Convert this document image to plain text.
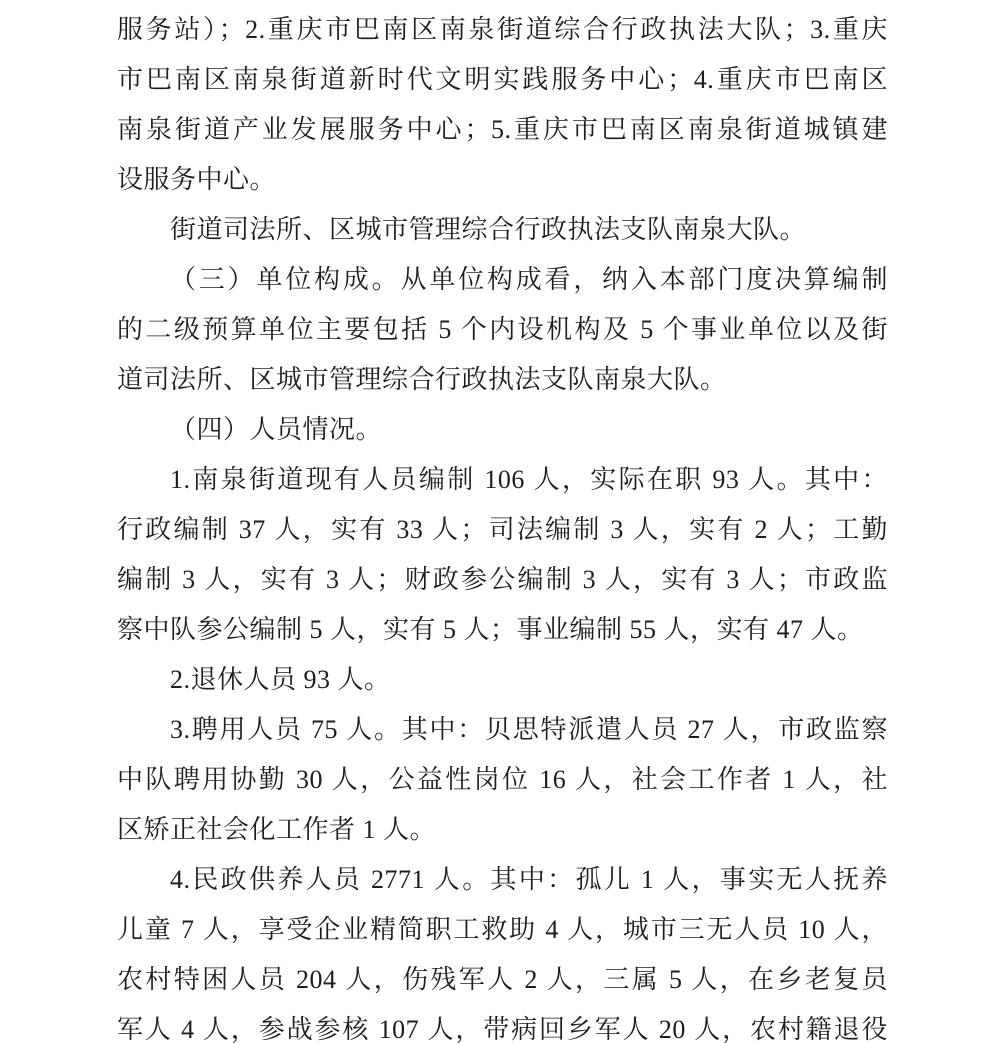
服务站）；2.重庆市巴南区南泉街道综合行政执法大队；3.重庆
市巴南区南泉街道新时代文明实践服务中心；4.重庆市巴南区
南泉街道产业发展服务中心；5.重庆市巴南区南泉街道城镇建
设服务中心。
街道司法所、区城市管理综合行政执法支队南泉大队。
（三）单位构成。从单位构成看，纳入本部门度决算编制
的二级预算单位主要包括 5 个内设机构及 5 个事业单位以及街
道司法所、区城市管理综合行政执法支队南泉大队。
（四）人员情况。
1.南泉街道现有人员编制 106 人，实际在职 93 人。其中：
行政编制 37 人，实有 33 人；司法编制 3 人，实有 2 人；工勤
编制 3 人，实有 3 人；财政参公编制 3 人，实有 3 人；市政监
察中队参公编制 5 人，实有 5 人；事业编制 55 人，实有 47 人。
2.退休人员 93 人。
3.聘用人员 75 人。其中：贝思特派遣人员 27 人，市政监察
中队聘用协勤 30 人，公益性岗位 16 人，社会工作者 1 人，社
区矫正社会化工作者 1 人。
4.民政供养人员 2771 人。其中：孤儿 1 人，事实无人抚养
儿童 7 人，享受企业精简职工救助 4 人，城市三无人员 10 人，
农村特困人员 204 人，伤残军人 2 人，三属 5 人，在乡老复员
军人 4 人，参战参核 107 人，带病回乡军人 20 人，农村籍退役
